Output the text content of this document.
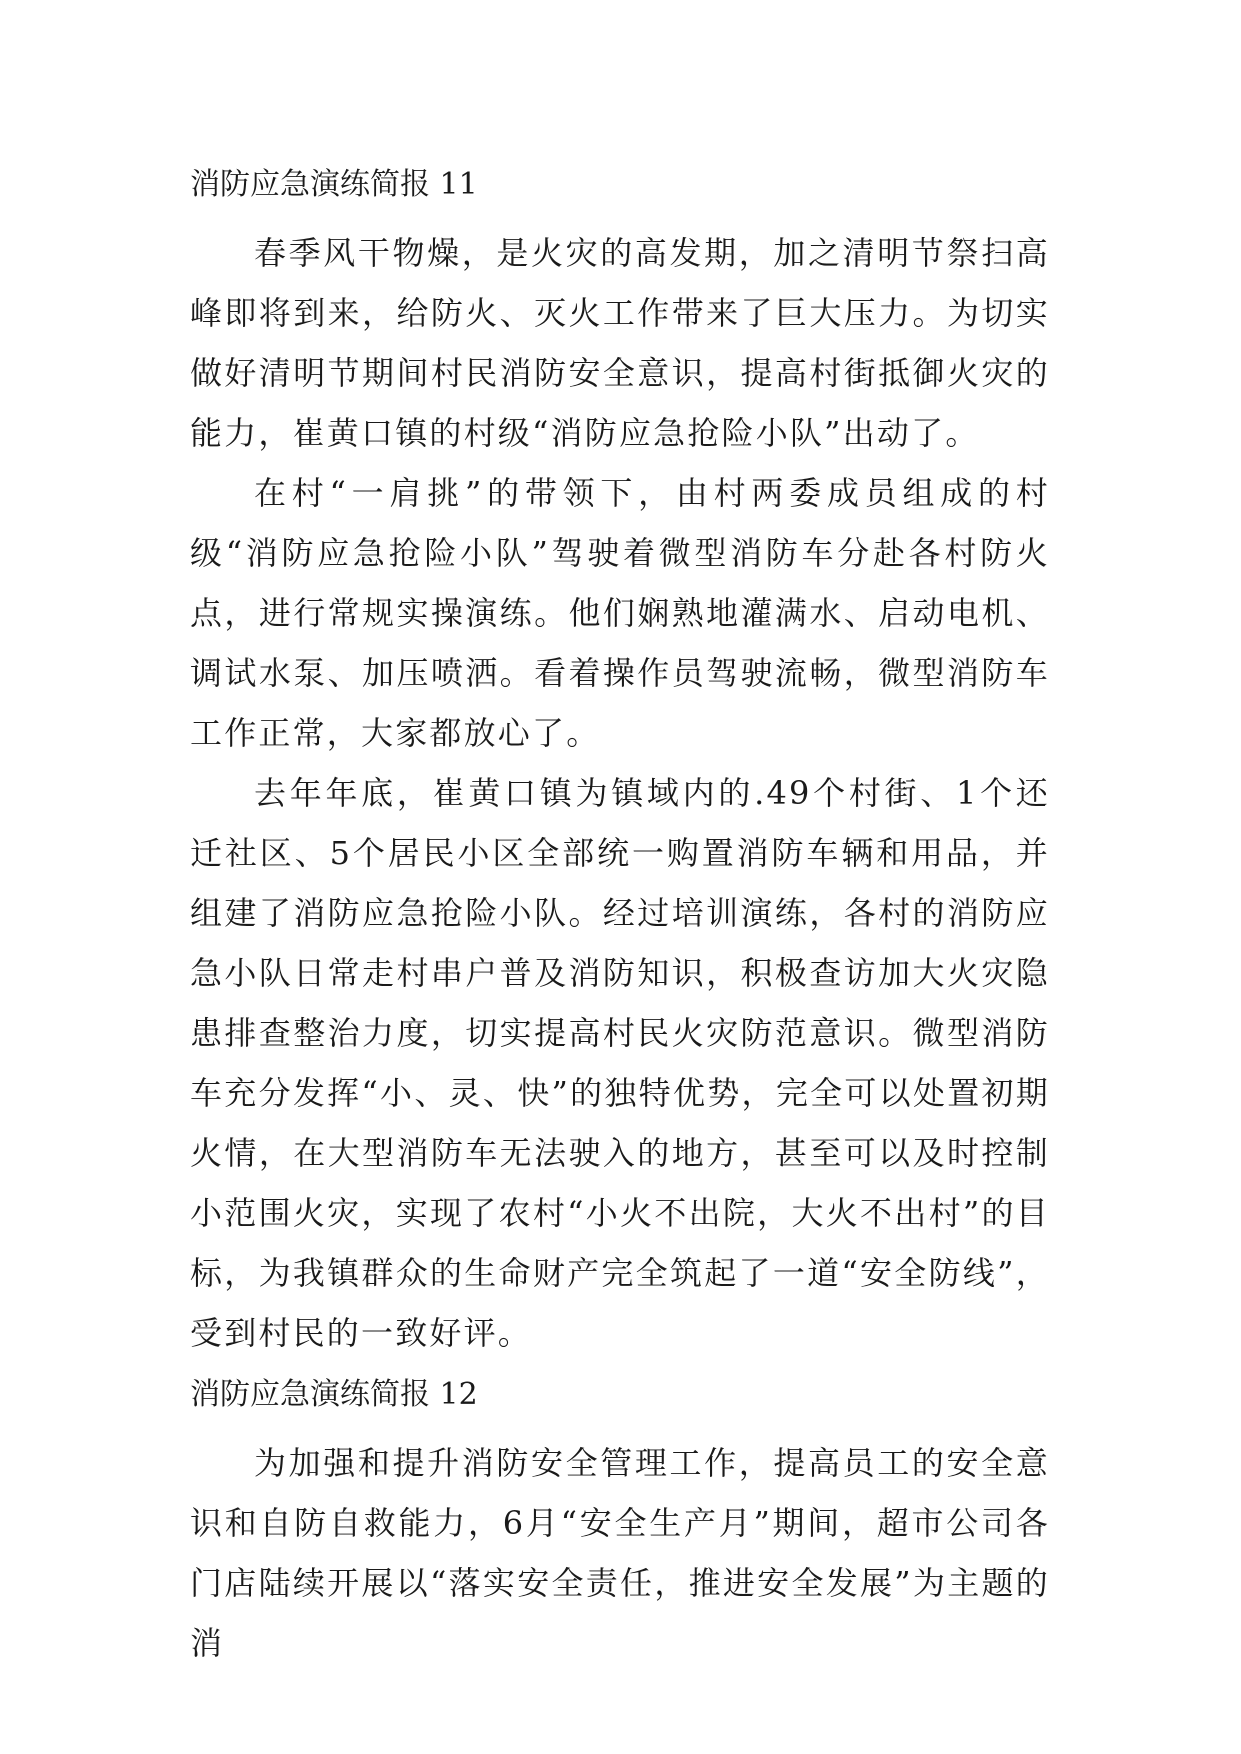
消防应急演练简报 11

春季风干物燥，是火灾的高发期，加之清明节祭扫高峰即将到来，给防火、灭火工作带来了巨大压力。为切实做好清明节期间村民消防安全意识，提高村街抵御火灾的能力，崔黄口镇的村级“消防应急抢险小队”出动了。

在村“一肩挑”的带领下，由村两委成员组成的村级“消防应急抢险小队”驾驶着微型消防车分赴各村防火点，进行常规实操演练。他们娴熟地灌满水、启动电机、调试水泵、加压喷洒。看着操作员驾驶流畅，微型消防车工作正常，大家都放心了。

去年年底，崔黄口镇为镇域内的.49个村街、1个还迁社区、5个居民小区全部统一购置消防车辆和用品，并组建了消防应急抢险小队。经过培训演练，各村的消防应急小队日常走村串户普及消防知识，积极查访加大火灾隐患排查整治力度，切实提高村民火灾防范意识。微型消防车充分发挥“小、灵、快”的独特优势，完全可以处置初期火情，在大型消防车无法驶入的地方，甚至可以及时控制小范围火灾，实现了农村“小火不出院，大火不出村”的目标，为我镇群众的生命财产完全筑起了一道“安全防线”，受到村民的一致好评。

消防应急演练简报 12

为加强和提升消防安全管理工作，提高员工的安全意识和自防自救能力，6月“安全生产月”期间，超市公司各门店陆续开展以“落实安全责任，推进安全发展”为主题的消
